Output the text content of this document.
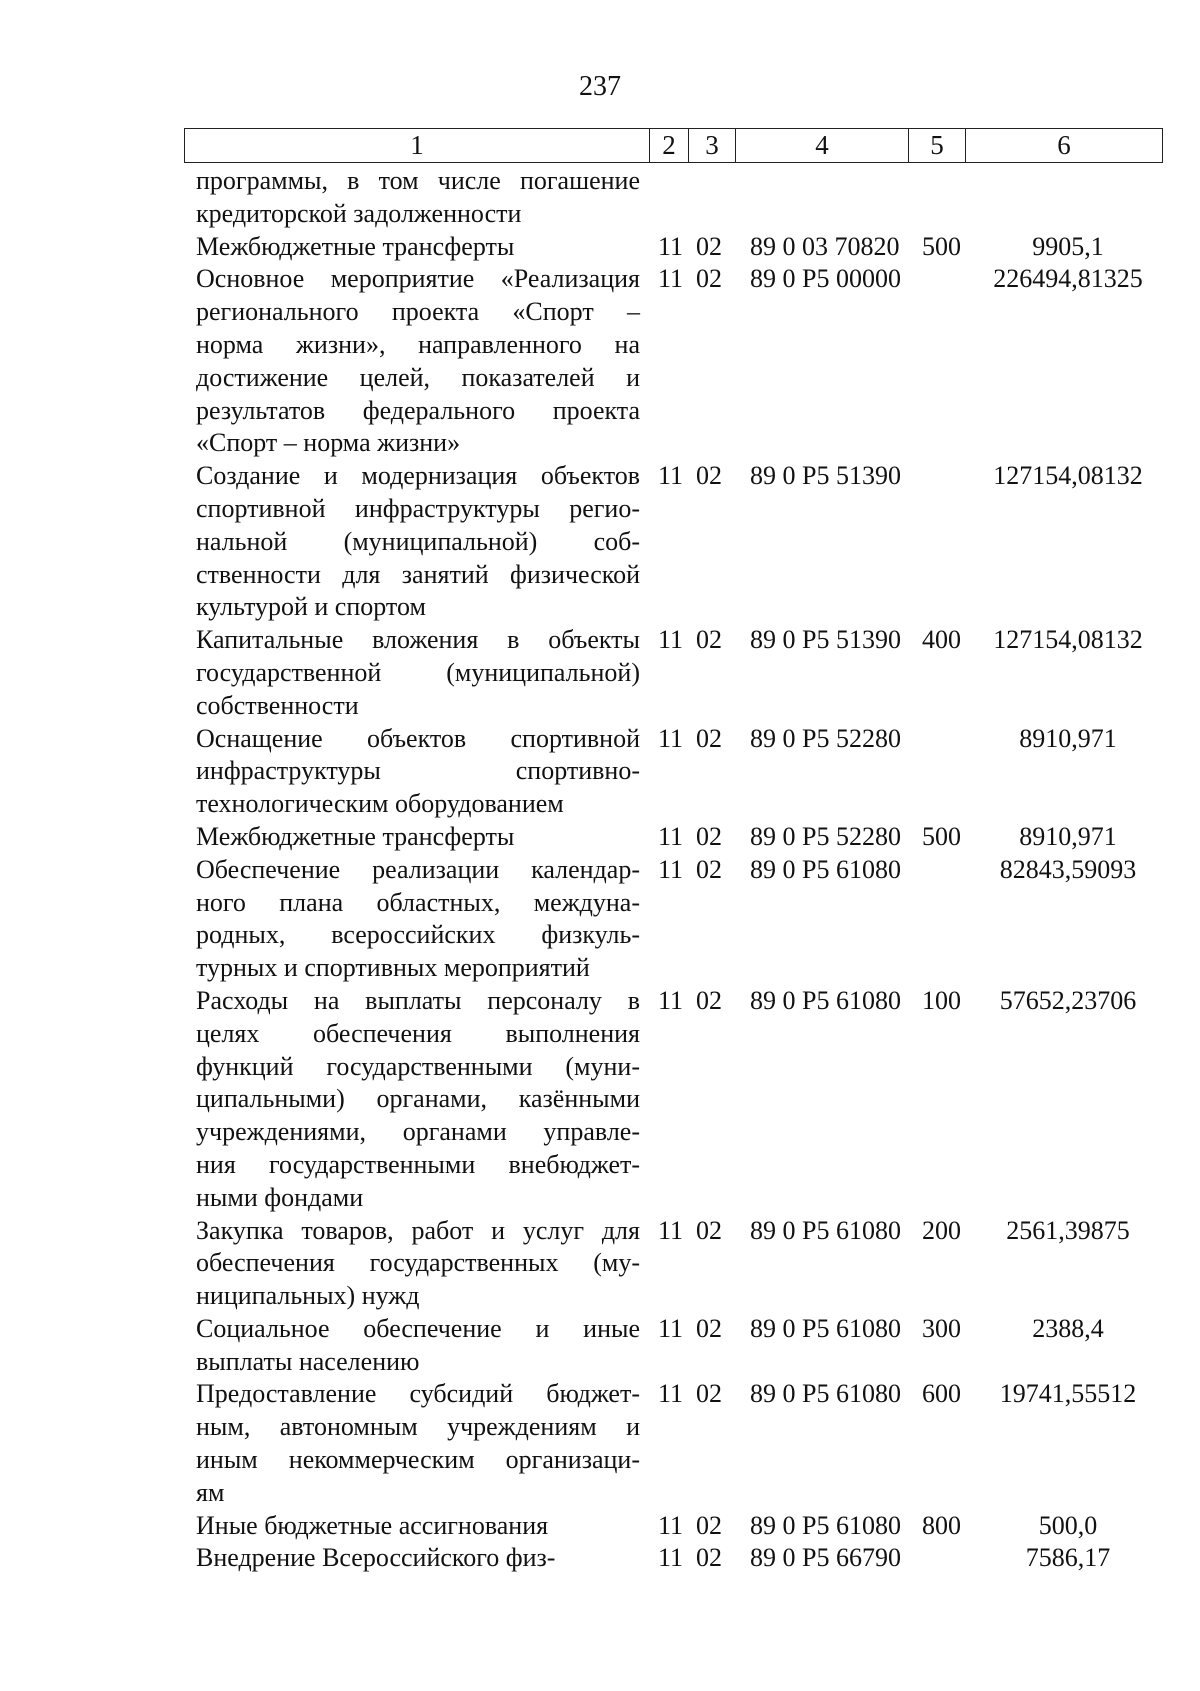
237
1	2	3	4	5	6
программы, в том числе погашение
кредиторской задолженности
Межбюджетные трансферты	11 02	89 0 03 70820 500	9905,1
Основное мероприятие «Реализация
регионального проекта «Спорт –
норма жизни», направленного на
достижение целей, показателей и
результатов федерального проекта
«Спорт – норма жизни»
11 02	89 0 P5 00000	226494,81325
Создание и модернизация объектов
спортивной инфраструктуры регио-
нальной (муниципальной) соб-
ственности для занятий физической
культурой и спортом
11 02	89 0 P5 51390	127154,08132
Капитальные вложения в объекты
государственной (муниципальной)
собственности
11 02	89 0 P5 51390 400	127154,08132
Оснащение объектов спортивной
инфраструктуры спортивно-
технологическим оборудованием
11 02	89 0 P5 52280	8910,971
Межбюджетные трансферты	11 02	89 0 P5 52280 500	8910,971
Обеспечение реализации календар-
ного плана областных, междуна-
родных, всероссийских физкуль-
турных и спортивных мероприятий
11 02	89 0 P5 61080	82843,59093
Расходы на выплаты персоналу в
целях обеспечения выполнения
функций государственными (муни-
ципальными) органами, казёнными
учреждениями, органами управле-
ния государственными внебюджет-
ными фондами
11 02	89 0 P5 61080 100	57652,23706
Закупка товаров, работ и услуг для
обеспечения государственных (му-
ниципальных) нужд
11 02	89 0 P5 61080 200	2561,39875
Социальное обеспечение и иные
выплаты населению
11 02	89 0 P5 61080 300	2388,4
Предоставление субсидий бюджет-
ным, автономным учреждениям и
иным некоммерческим организаци-
ям
11 02	89 0 P5 61080 600	19741,55512
Иные бюджетные ассигнования	11 02	89 0 P5 61080 800	500,0
Внедрение Всероссийского физ-	11 02	89 0 P5 66790	7586,17
